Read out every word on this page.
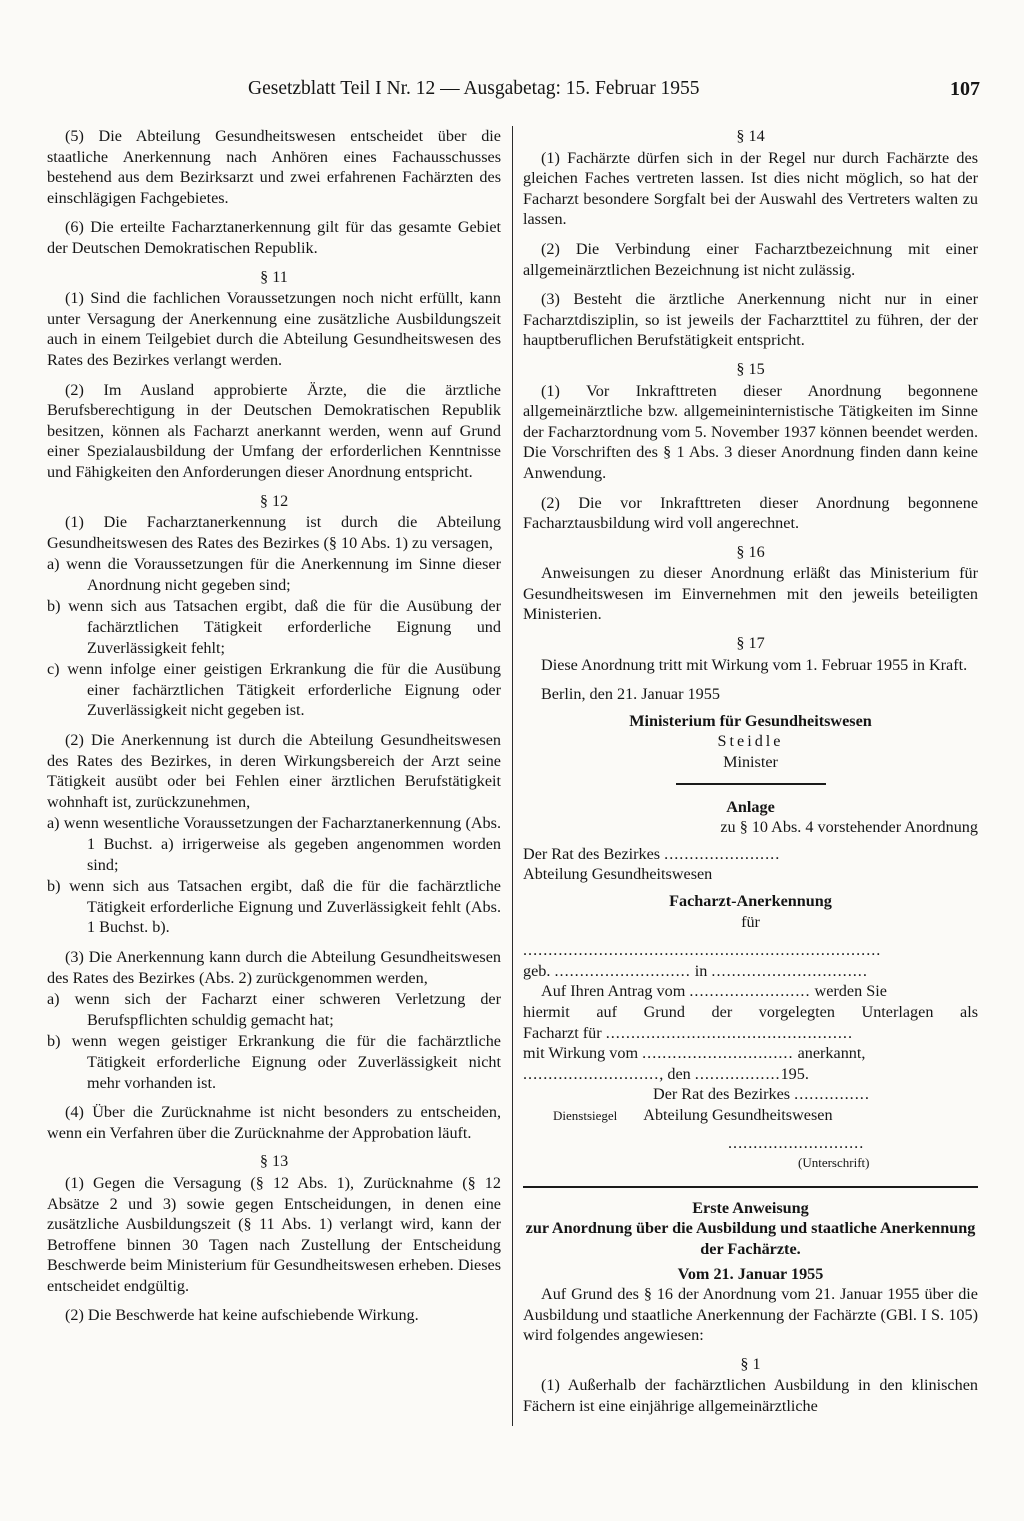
Gesetzblatt Teil I Nr. 12 — Ausgabetag: 15. Februar 1955	107

(5) Die Abteilung Gesundheitswesen entscheidet über die staatliche Anerkennung nach Anhören eines Fachausschusses bestehend aus dem Bezirksarzt und zwei erfahrenen Fachärzten des einschlägigen Fachgebietes.

(6) Die erteilte Facharztanerkennung gilt für das gesamte Gebiet der Deutschen Demokratischen Republik.

§ 11

(1) Sind die fachlichen Voraussetzungen noch nicht erfüllt, kann unter Versagung der Anerkennung eine zusätzliche Ausbildungszeit auch in einem Teilgebiet durch die Abteilung Gesundheitswesen des Rates des Bezirkes verlangt werden.

(2) Im Ausland approbierte Ärzte, die die ärztliche Berufsberechtigung in der Deutschen Demokratischen Republik besitzen, können als Facharzt anerkannt werden, wenn auf Grund einer Spezialausbildung der Umfang der erforderlichen Kenntnisse und Fähigkeiten den Anforderungen dieser Anordnung entspricht.

§ 12

(1) Die Facharztanerkennung ist durch die Abteilung Gesundheitswesen des Rates des Bezirkes (§ 10 Abs. 1) zu versagen,

a) wenn die Voraussetzungen für die Anerkennung im Sinne dieser Anordnung nicht gegeben sind;

b) wenn sich aus Tatsachen ergibt, daß die für die Ausübung der fachärztlichen Tätigkeit erforderliche Eignung und Zuverlässigkeit fehlt;

c) wenn infolge einer geistigen Erkrankung die für die Ausübung einer fachärztlichen Tätigkeit erforderliche Eignung oder Zuverlässigkeit nicht gegeben ist.

(2) Die Anerkennung ist durch die Abteilung Gesundheitswesen des Rates des Bezirkes, in deren Wirkungsbereich der Arzt seine Tätigkeit ausübt oder bei Fehlen einer ärztlichen Berufstätigkeit wohnhaft ist, zurückzunehmen,

a) wenn wesentliche Voraussetzungen der Facharztanerkennung (Abs. 1 Buchst. a) irrigerweise als gegeben angenommen worden sind;

b) wenn sich aus Tatsachen ergibt, daß die für die fachärztliche Tätigkeit erforderliche Eignung und Zuverlässigkeit fehlt (Abs. 1 Buchst. b).

(3) Die Anerkennung kann durch die Abteilung Gesundheitswesen des Rates des Bezirkes (Abs. 2) zurückgenommen werden,

a) wenn sich der Facharzt einer schweren Verletzung der Berufspflichten schuldig gemacht hat;

b) wenn wegen geistiger Erkrankung die für die fachärztliche Tätigkeit erforderliche Eignung oder Zuverlässigkeit nicht mehr vorhanden ist.

(4) Über die Zurücknahme ist nicht besonders zu entscheiden, wenn ein Verfahren über die Zurücknahme der Approbation läuft.

§ 13

(1) Gegen die Versagung (§ 12 Abs. 1), Zurücknahme (§ 12 Absätze 2 und 3) sowie gegen Entscheidungen, in denen eine zusätzliche Ausbildungszeit (§ 11 Abs. 1) verlangt wird, kann der Betroffene binnen 30 Tagen nach Zustellung der Entscheidung Beschwerde beim Ministerium für Gesundheitswesen erheben. Dieses entscheidet endgültig.

(2) Die Beschwerde hat keine aufschiebende Wirkung.

§ 14

(1) Fachärzte dürfen sich in der Regel nur durch Fachärzte des gleichen Faches vertreten lassen. Ist dies nicht möglich, so hat der Facharzt besondere Sorgfalt bei der Auswahl des Vertreters walten zu lassen.

(2) Die Verbindung einer Facharztbezeichnung mit einer allgemeinärztlichen Bezeichnung ist nicht zulässig.

(3) Besteht die ärztliche Anerkennung nicht nur in einer Facharztdisziplin, so ist jeweils der Facharzttitel zu führen, der der hauptberuflichen Berufstätigkeit entspricht.

§ 15

(1) Vor Inkrafttreten dieser Anordnung begonnene allgemeinärztliche bzw. allgemeininternistische Tätigkeiten im Sinne der Facharztordnung vom 5. November 1937 können beendet werden. Die Vorschriften des § 1 Abs. 3 dieser Anordnung finden dann keine Anwendung.

(2) Die vor Inkrafttreten dieser Anordnung begonnene Facharztausbildung wird voll angerechnet.

§ 16

Anweisungen zu dieser Anordnung erläßt das Ministerium für Gesundheitswesen im Einvernehmen mit den jeweils beteiligten Ministerien.

§ 17

Diese Anordnung tritt mit Wirkung vom 1. Februar 1955 in Kraft.

Berlin, den 21. Januar 1955

Ministerium für Gesundheitswesen

Steidle

Minister

Anlage

zu § 10 Abs. 4 vorstehender Anordnung

Der Rat des Bezirkes .......................

Abteilung Gesundheitswesen

Facharzt-Anerkennung

für

.......................................................................

geb. ........................... in ...............................

Auf Ihren Antrag vom ........................ werden Sie

hiermit auf Grund der vorgelegten Unterlagen als

Facharzt für .................................................

mit Wirkung vom .............................. anerkannt,

..........................., den .................195.

Der Rat des Bezirkes ...............

Dienstsiegel Abteilung Gesundheitswesen

...........................

(Unterschrift)

Erste Anweisung

zur Anordnung über die Ausbildung und staatliche Anerkennung der Fachärzte.

Vom 21. Januar 1955

Auf Grund des § 16 der Anordnung vom 21. Januar 1955 über die Ausbildung und staatliche Anerkennung der Fachärzte (GBl. I S. 105) wird folgendes angewiesen:

§ 1

(1) Außerhalb der fachärztlichen Ausbildung in den klinischen Fächern ist eine einjährige allgemeinärztliche
